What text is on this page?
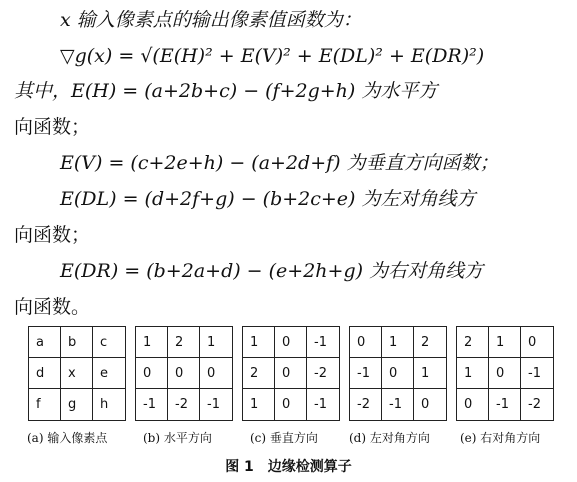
x 输入像素点的输出像素值函数为：
▽g(x) = √(E(H)² + E(V)² + E(DL)² + E(DR)²)
其中，E(H) = (a+2b+c) − (f+2g+h) 为水平方
向函数；
E(V) = (c+2e+h) − (a+2d+f) 为垂直方向函数；
E(DL) = (d+2f+g) − (b+2c+e) 为左对角线方
向函数；
E(DR) = (b+2a+d) − (e+2h+g) 为右对角线方
向函数。
a	b	c
d	x	e
f	g	h
1	2	1
0	0	0
-1	-2	-1
1	0	-1
2	0	-2
1	0	-1
0	1	2
-1	0	1
-2	-1	0
2	1	0
1	0	-1
0	-1	-2
(a) 输入像素点	(b) 水平方向	(c) 垂直方向	(d) 左对角方向	(e) 右对角方向
图 1　边缘检测算子
